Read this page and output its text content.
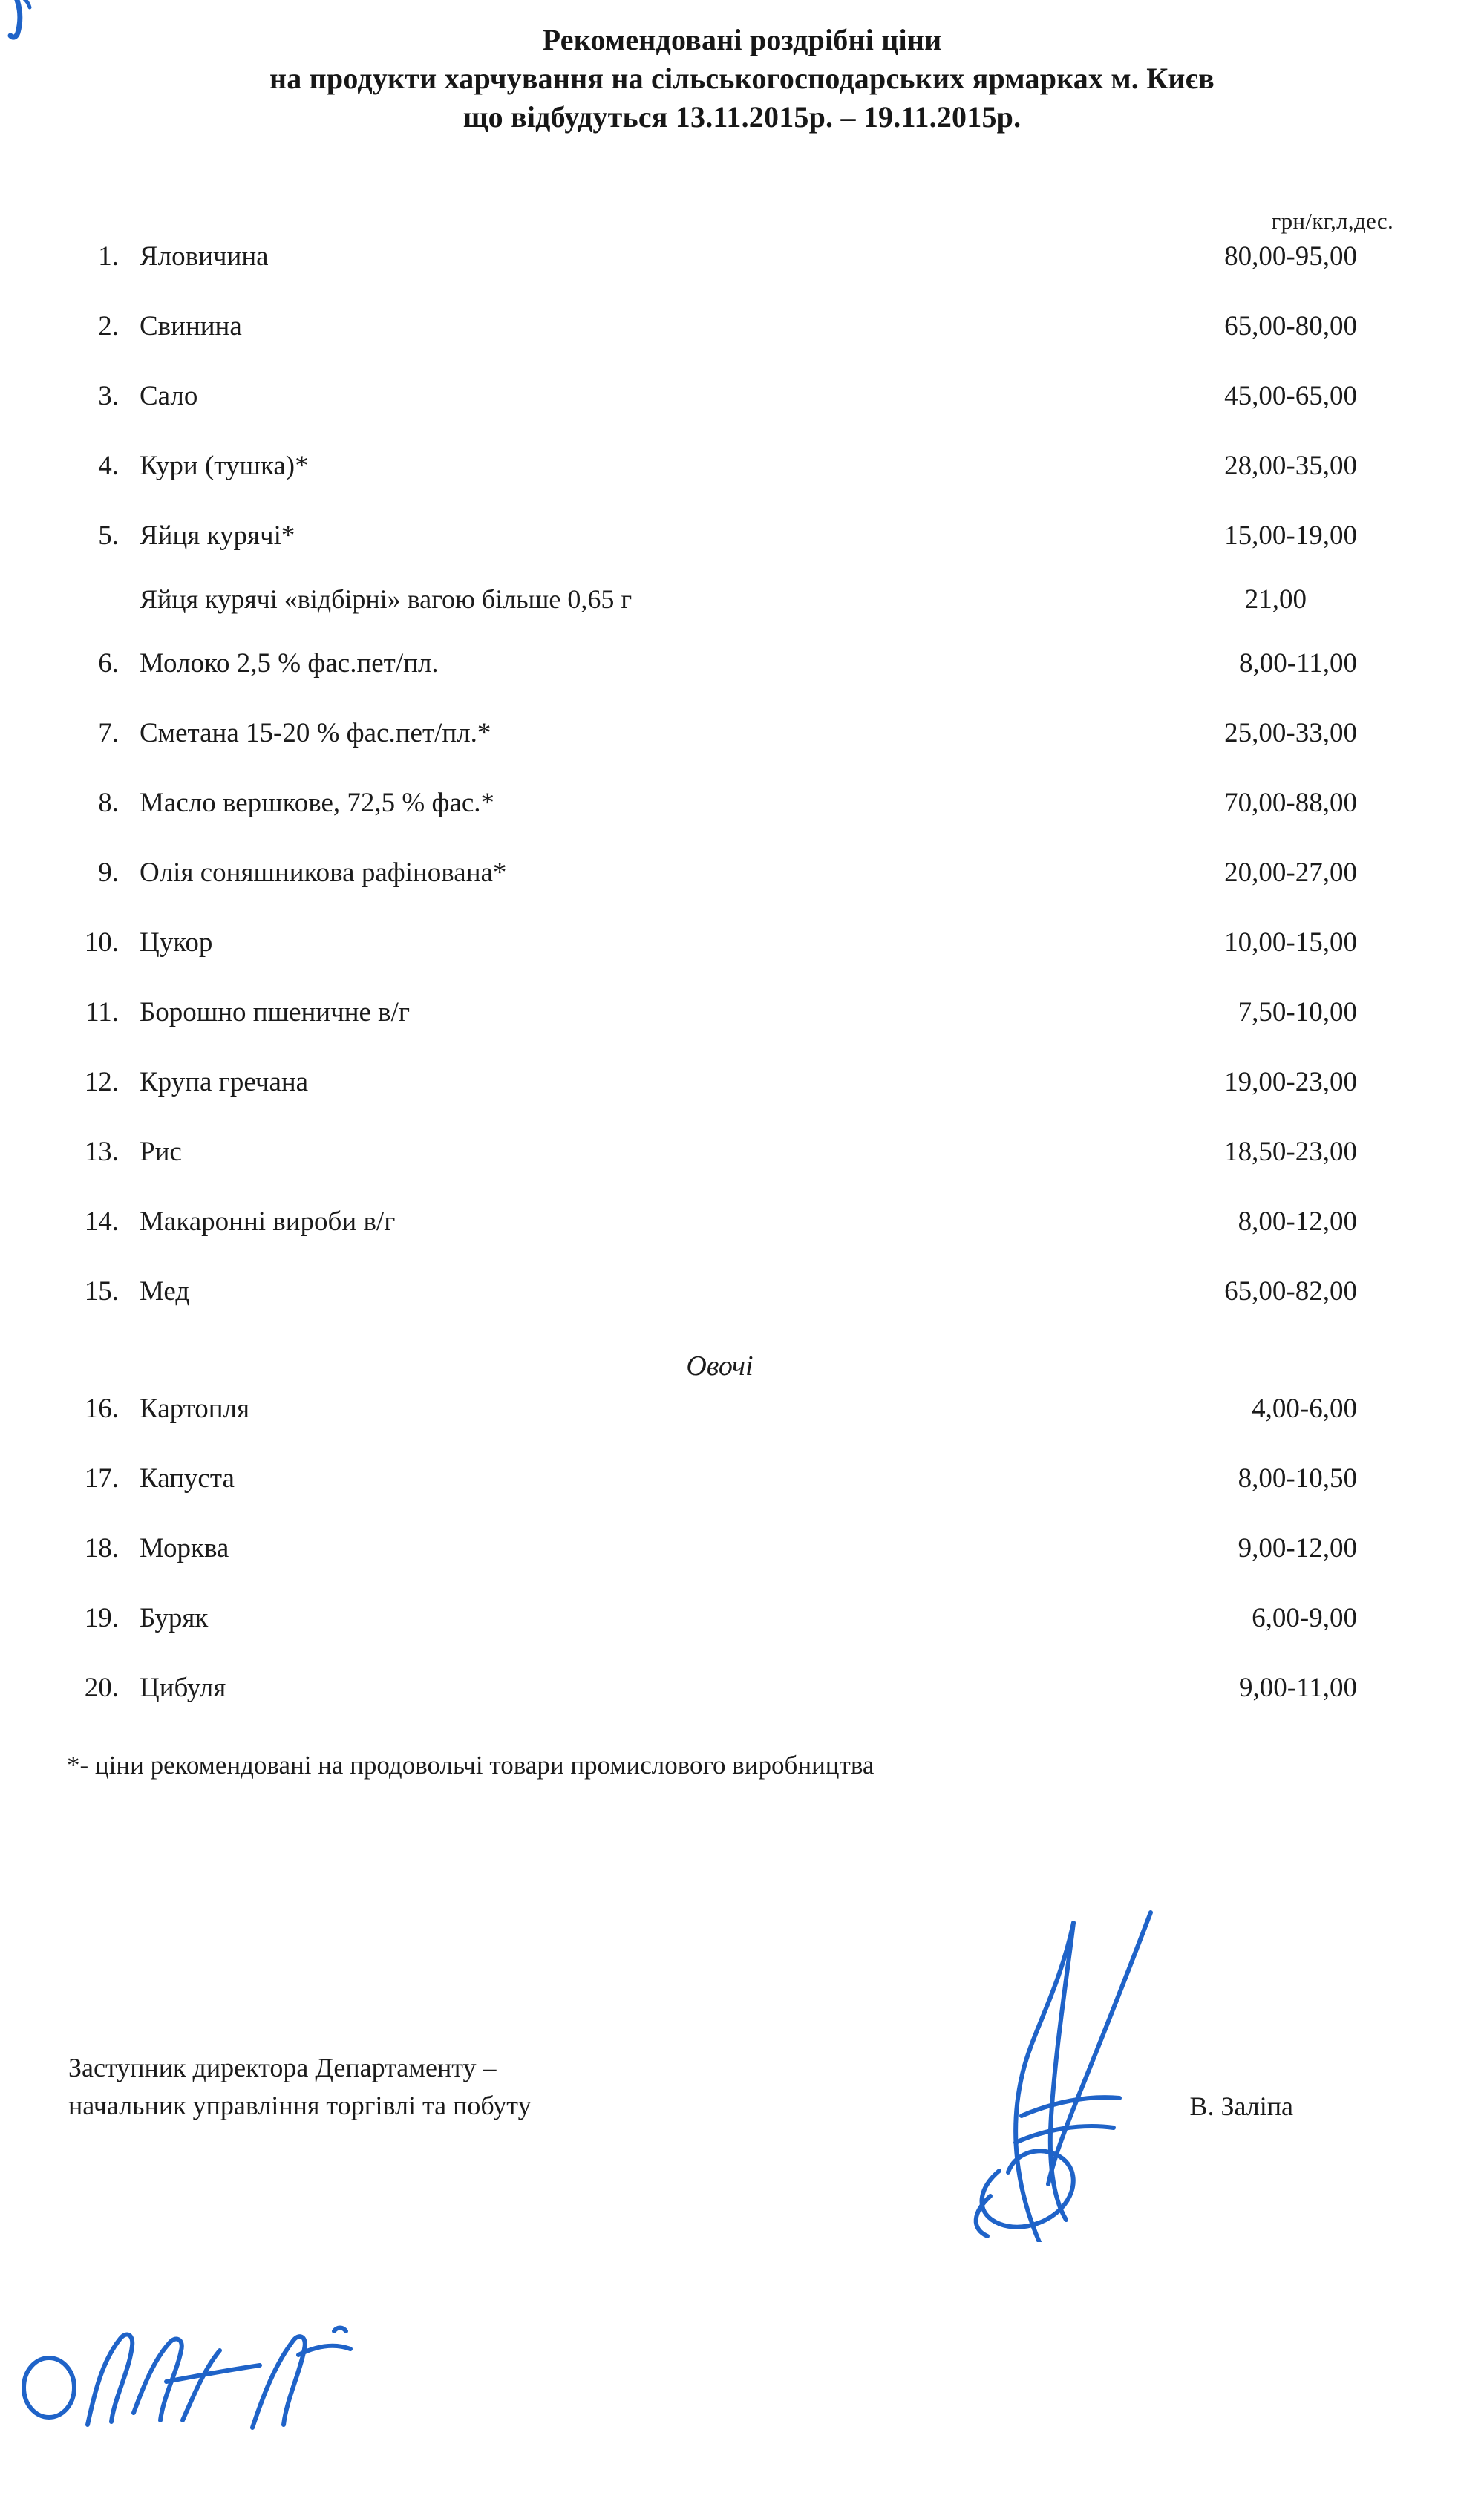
Рекомендовані роздрібні ціни
на продукти харчування на сільськогосподарських ярмарках м. Києв
що відбудуться 13.11.2015р. – 19.11.2015р.
грн/кг,л,дес.
1. Яловичина	80,00-95,00
2. Свинина	65,00-80,00
3. Сало	45,00-65,00
4. Кури (тушка)*	28,00-35,00
5. Яйця курячі*	15,00-19,00
Яйця курячі «відбірні» вагою більше 0,65 г	21,00
6. Молоко 2,5 % фас.пет/пл.	8,00-11,00
7. Сметана 15-20 % фас.пет/пл.*	25,00-33,00
8. Масло вершкове, 72,5 % фас.*	70,00-88,00
9. Олія соняшникова рафінована*	20,00-27,00
10. Цукор	10,00-15,00
11. Борошно пшеничне в/г	7,50-10,00
12. Крупа гречана	19,00-23,00
13. Рис	18,50-23,00
14. Макаронні вироби в/г	8,00-12,00
15. Мед	65,00-82,00
Овочі
16. Картопля	4,00-6,00
17. Капуста	8,00-10,50
18. Морква	9,00-12,00
19. Буряк	6,00-9,00
20. Цибуля	9,00-11,00
*- ціни рекомендовані на продовольчі товари промислового виробництва
Заступник директора Департаменту –
начальник управління торгівлі та побуту	В. Заліпа
